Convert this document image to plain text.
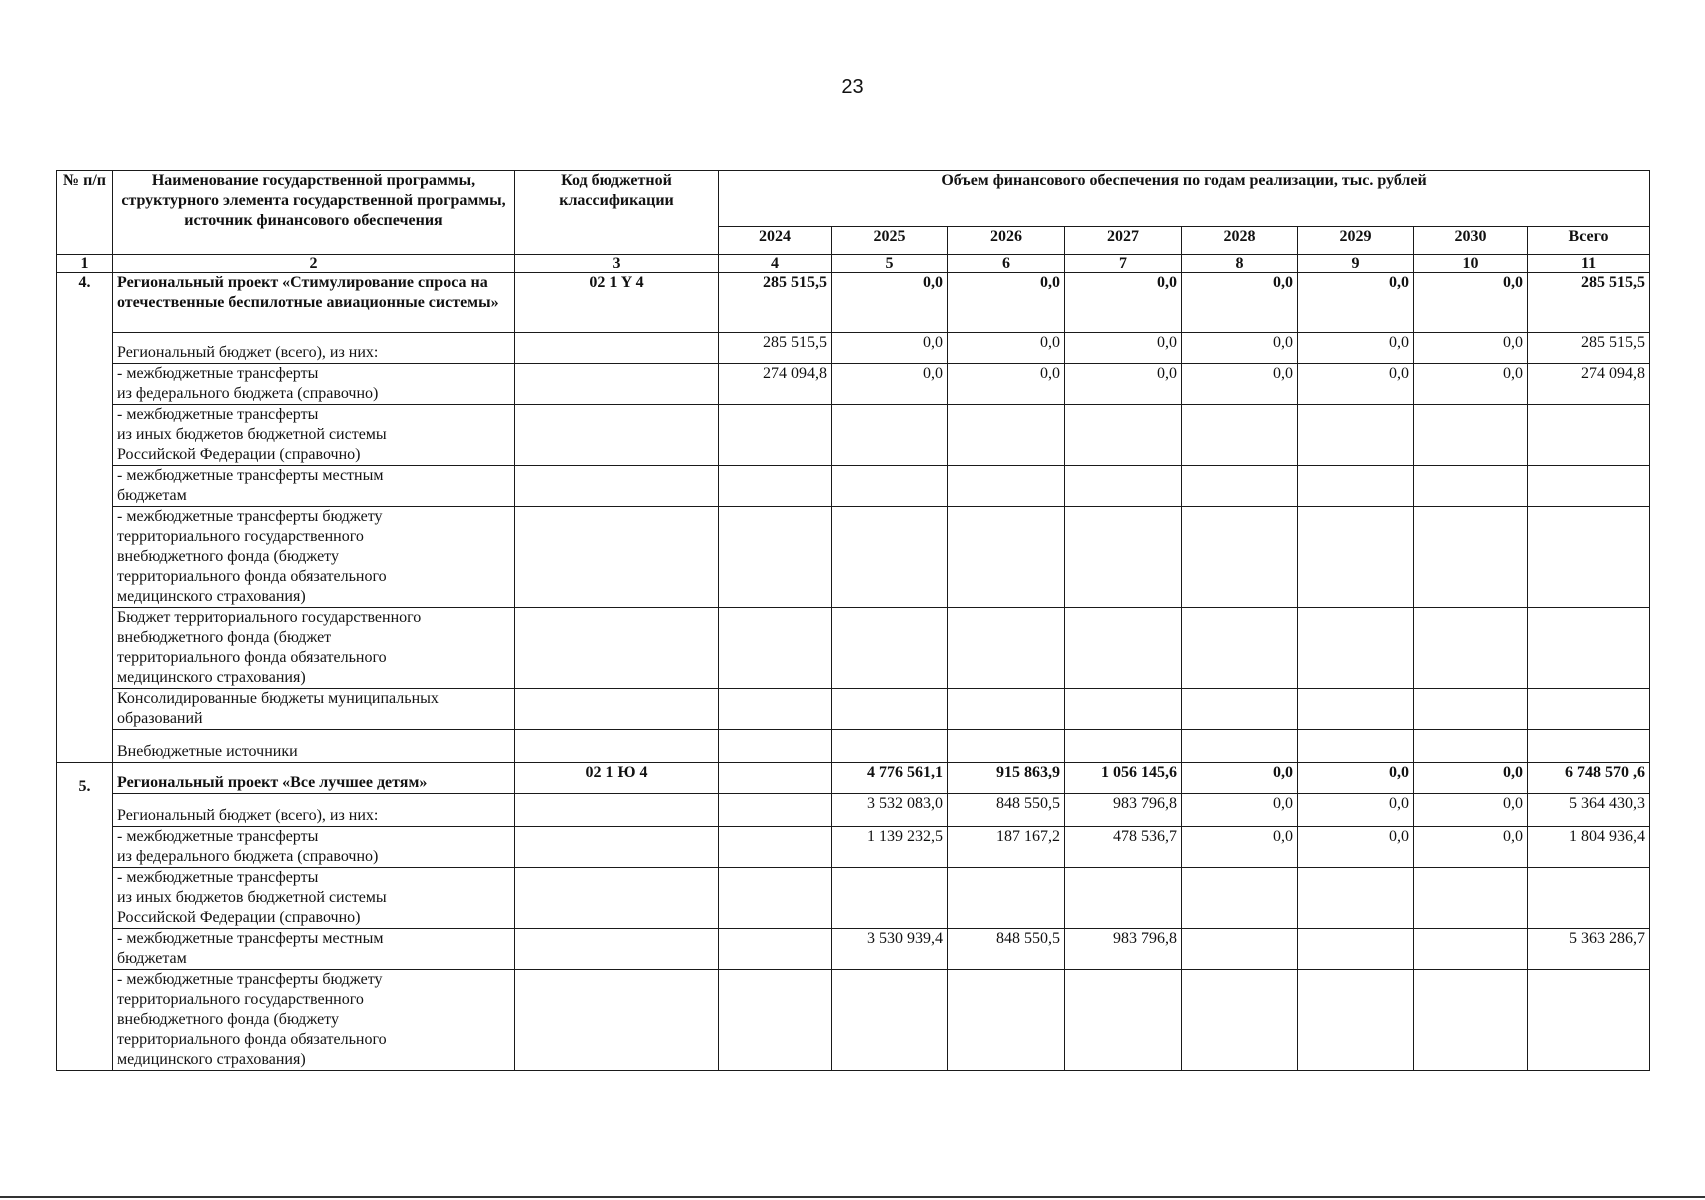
23
№ п/п	Наименование государственной программы, структурного элемента государственной программы, источник финансового обеспечения	Код бюджетной классификации	Объем финансового обеспечения по годам реализации, тыс. рублей							
			2024	2025	2026	2027	2028	2029	2030	Всего
1	2	3	4	5	6	7	8	9	10	11
4.	Региональный проект «Стимулирование спроса на отечественные беспилотные авиационные системы»	02 1 Y 4	285 515,5	0,0	0,0	0,0	0,0	0,0	0,0	285 515,5
	Региональный бюджет (всего), из них:		285 515,5	0,0	0,0	0,0	0,0	0,0	0,0	285 515,5
	- межбюджетные трансферты
из федерального бюджета (справочно)		274 094,8	0,0	0,0	0,0	0,0	0,0	0,0	274 094,8
	- межбюджетные трансферты
из иных бюджетов бюджетной системы
Российской Федерации (справочно)									
	- межбюджетные трансферты местным
бюджетам									
	- межбюджетные трансферты бюджету
территориального государственного
внебюджетного фонда (бюджету
территориального фонда обязательного
медицинского страхования)									
	Бюджет территориального государственного
внебюджетного фонда (бюджет
территориального фонда обязательного
медицинского страхования)									
	Консолидированные бюджеты муниципальных
образований									
	Внебюджетные источники									
5.	Региональный проект «Все лучшее детям»	02 1 Ю 4		4 776 561,1	915 863,9	1 056 145,6	0,0	0,0	0,0	6 748 570 ,6
	Региональный бюджет (всего), из них:			3 532 083,0	848 550,5	983 796,8	0,0	0,0	0,0	5 364 430,3
	- межбюджетные трансферты
из федерального бюджета (справочно)			1 139 232,5	187 167,2	478 536,7	0,0	0,0	0,0	1 804 936,4
	- межбюджетные трансферты
из иных бюджетов бюджетной системы
Российской Федерации (справочно)									
	- межбюджетные трансферты местным
бюджетам			3 530 939,4	848 550,5	983 796,8				5 363 286,7
	- межбюджетные трансферты бюджету
территориального государственного
внебюджетного фонда (бюджету
территориального фонда обязательного
медицинского страхования)									
